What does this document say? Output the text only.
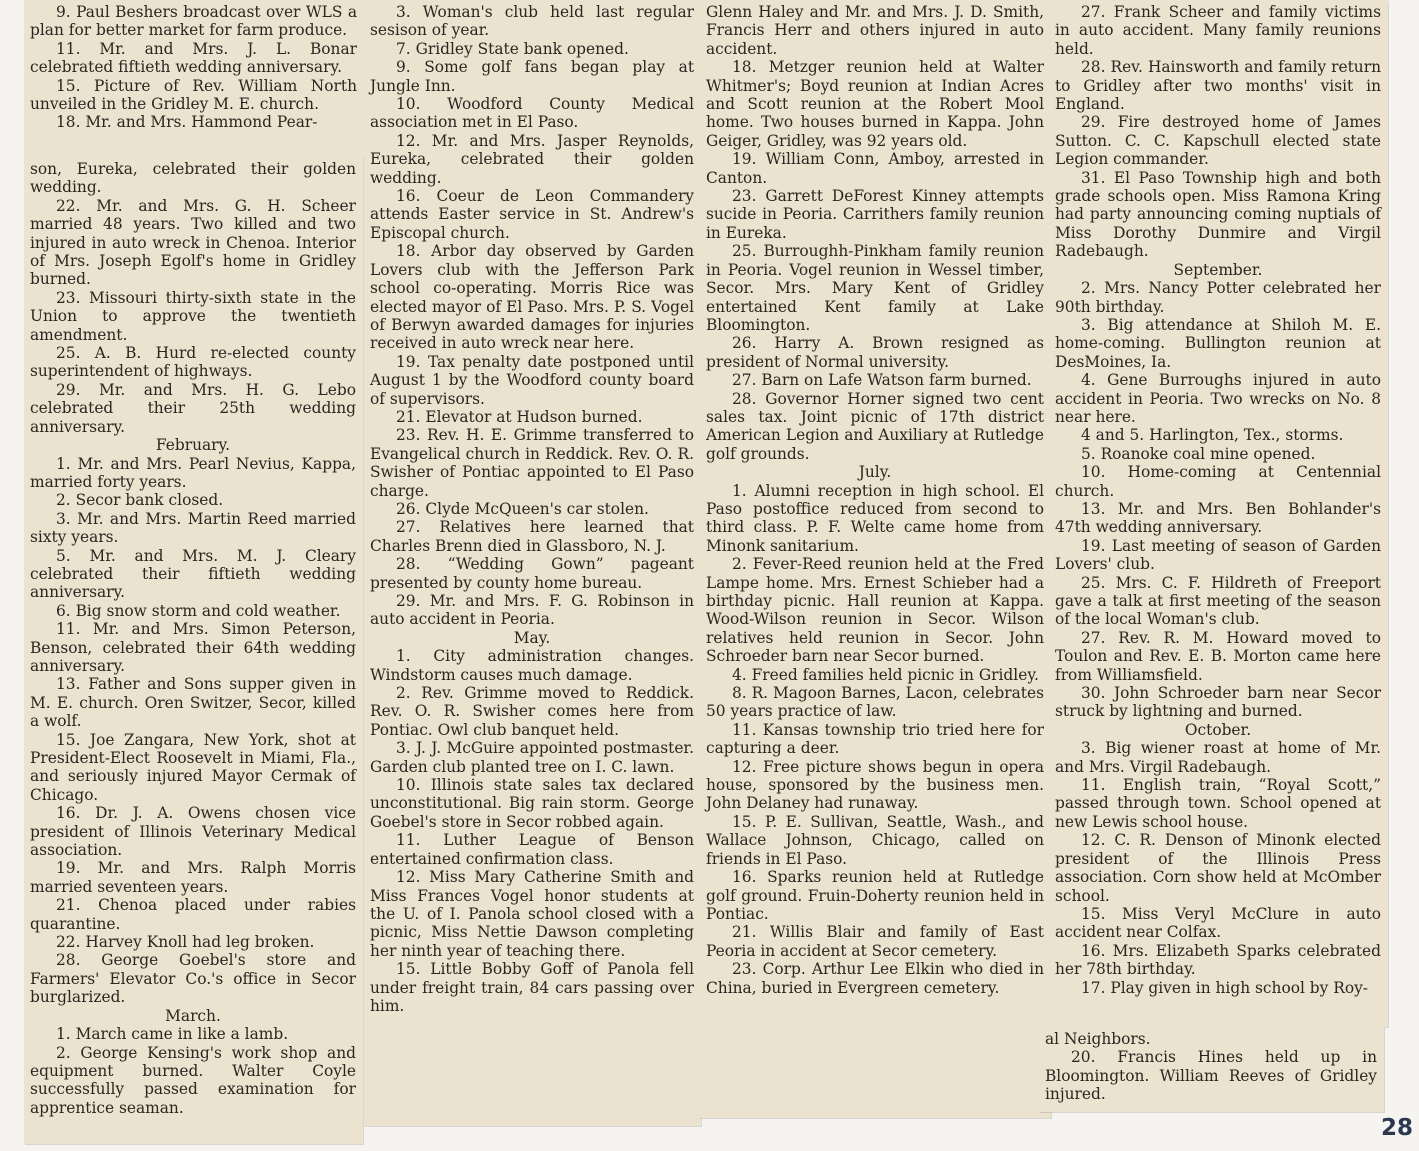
9. Paul Beshers broadcast over WLS a plan for better market for farm produce.

11. Mr. and Mrs. J. L. Bonar celebrated fiftieth wedding anniversary.

15. Picture of Rev. William North unveiled in the Gridley M. E. church.

18. Mr. and Mrs. Hammond Pear-

son, Eureka, celebrated their golden wedding.

22. Mr. and Mrs. G. H. Scheer married 48 years. Two killed and two injured in auto wreck in Chenoa. Interior of Mrs. Joseph Egolf's home in Gridley burned.

23. Missouri thirty-sixth state in the Union to approve the twentieth amendment.

25. A. B. Hurd re-elected county superintendent of highways.

29. Mr. and Mrs. H. G. Lebo celebrated their 25th wedding anniversary.

February.

1. Mr. and Mrs. Pearl Nevius, Kappa, married forty years.

2. Secor bank closed.

3. Mr. and Mrs. Martin Reed married sixty years.

5. Mr. and Mrs. M. J. Cleary celebrated their fiftieth wedding anniversary.

6. Big snow storm and cold weather.

11. Mr. and Mrs. Simon Peterson, Benson, celebrated their 64th wedding anniversary.

13. Father and Sons supper given in M. E. church. Oren Switzer, Secor, killed a wolf.

15. Joe Zangara, New York, shot at President-Elect Roosevelt in Miami, Fla., and seriously injured Mayor Cermak of Chicago.

16. Dr. J. A. Owens chosen vice president of Illinois Veterinary Medical association.

19. Mr. and Mrs. Ralph Morris married seventeen years.

21. Chenoa placed under rabies quarantine.

22. Harvey Knoll had leg broken.

28. George Goebel's store and Farmers' Elevator Co.'s office in Secor burglarized.

March.

1. March came in like a lamb.

2. George Kensing's work shop and equipment burned. Walter Coyle successfully passed examination for apprentice seaman.

3. Woman's club held last regular sesison of year.

7. Gridley State bank opened.

9. Some golf fans began play at Jungle Inn.

10. Woodford County Medical association met in El Paso.

12. Mr. and Mrs. Jasper Reynolds, Eureka, celebrated their golden wedding.

16. Coeur de Leon Commandery attends Easter service in St. Andrew's Episcopal church.

18. Arbor day observed by Garden Lovers club with the Jefferson Park school co-operating. Morris Rice was elected mayor of El Paso. Mrs. P. S. Vogel of Berwyn awarded damages for injuries received in auto wreck near here.

19. Tax penalty date postponed until August 1 by the Woodford county board of supervisors.

21. Elevator at Hudson burned.

23. Rev. H. E. Grimme transferred to Evangelical church in Reddick. Rev. O. R. Swisher of Pontiac appointed to El Paso charge.

26. Clyde McQueen's car stolen.

27. Relatives here learned that Charles Brenn died in Glassboro, N. J.

28. “Wedding Gown” pageant presented by county home bureau.

29. Mr. and Mrs. F. G. Robinson in auto accident in Peoria.

May.

1. City administration changes. Windstorm causes much damage.

2. Rev. Grimme moved to Reddick. Rev. O. R. Swisher comes here from Pontiac. Owl club banquet held.

3. J. J. McGuire appointed postmaster. Garden club planted tree on I. C. lawn.

10. Illinois state sales tax declared unconstitutional. Big rain storm. George Goebel's store in Secor robbed again.

11. Luther League of Benson entertained confirmation class.

12. Miss Mary Catherine Smith and Miss Frances Vogel honor students at the U. of I. Panola school closed with a picnic, Miss Nettie Dawson completing her ninth year of teaching there.

15. Little Bobby Goff of Panola fell under freight train, 84 cars passing over him.

Glenn Haley and Mr. and Mrs. J. D. Smith, Francis Herr and others injured in auto accident.

18. Metzger reunion held at Walter Whitmer's; Boyd reunion at Indian Acres and Scott reunion at the Robert Mool home. Two houses burned in Kappa. John Geiger, Gridley, was 92 years old.

19. William Conn, Amboy, arrested in Canton.

23. Garrett DeForest Kinney attempts sucide in Peoria. Carrithers family reunion in Eureka.

25. Burroughh-Pinkham family reunion in Peoria. Vogel reunion in Wessel timber, Secor. Mrs. Mary Kent of Gridley entertained Kent family at Lake Bloomington.

26. Harry A. Brown resigned as president of Normal university.

27. Barn on Lafe Watson farm burned.

28. Governor Horner signed two cent sales tax. Joint picnic of 17th district American Legion and Auxiliary at Rutledge golf grounds.

July.

1. Alumni reception in high school. El Paso postoffice reduced from second to third class. P. F. Welte came home from Minonk sanitarium.

2. Fever-Reed reunion held at the Fred Lampe home. Mrs. Ernest Schieber had a birthday picnic. Hall reunion at Kappa. Wood-Wilson reunion in Secor. Wilson relatives held reunion in Secor. John Schroeder barn near Secor burned.

4. Freed families held picnic in Gridley.

8. R. Magoon Barnes, Lacon, celebrates 50 years practice of law.

11. Kansas township trio tried here for capturing a deer.

12. Free picture shows begun in opera house, sponsored by the business men. John Delaney had runaway.

15. P. E. Sullivan, Seattle, Wash., and Wallace Johnson, Chicago, called on friends in El Paso.

16. Sparks reunion held at Rutledge golf ground. Fruin-Doherty reunion held in Pontiac.

21. Willis Blair and family of East Peoria in accident at Secor cemetery.

23. Corp. Arthur Lee Elkin who died in China, buried in Evergreen cemetery.

27. Frank Scheer and family victims in auto accident. Many family reunions held.

28. Rev. Hainsworth and family return to Gridley after two months' visit in England.

29. Fire destroyed home of James Sutton. C. C. Kapschull elected state Legion commander.

31. El Paso Township high and both grade schools open. Miss Ramona Kring had party announcing coming nuptials of Miss Dorothy Dunmire and Virgil Radebaugh.

September.

2. Mrs. Nancy Potter celebrated her 90th birthday.

3. Big attendance at Shiloh M. E. home-coming. Bullington reunion at DesMoines, Ia.

4. Gene Burroughs injured in auto accident in Peoria. Two wrecks on No. 8 near here.

4 and 5. Harlington, Tex., storms.

5. Roanoke coal mine opened.

10. Home-coming at Centennial church.

13. Mr. and Mrs. Ben Bohlander's 47th wedding anniversary.

19. Last meeting of season of Garden Lovers' club.

25. Mrs. C. F. Hildreth of Freeport gave a talk at first meeting of the season of the local Woman's club.

27. Rev. R. M. Howard moved to Toulon and Rev. E. B. Morton came here from Williamsfield.

30. John Schroeder barn near Secor struck by lightning and burned.

October.

3. Big wiener roast at home of Mr. and Mrs. Virgil Radebaugh.

11. English train, “Royal Scott,” passed through town. School opened at new Lewis school house.

12. C. R. Denson of Minonk elected president of the Illinois Press association. Corn show held at McOmber school.

15. Miss Veryl McClure in auto accident near Colfax.

16. Mrs. Elizabeth Sparks celebrated her 78th birthday.

17. Play given in high school by Roy-

al Neighbors.

20. Francis Hines held up in Bloomington. William Reeves of Gridley injured.

28
